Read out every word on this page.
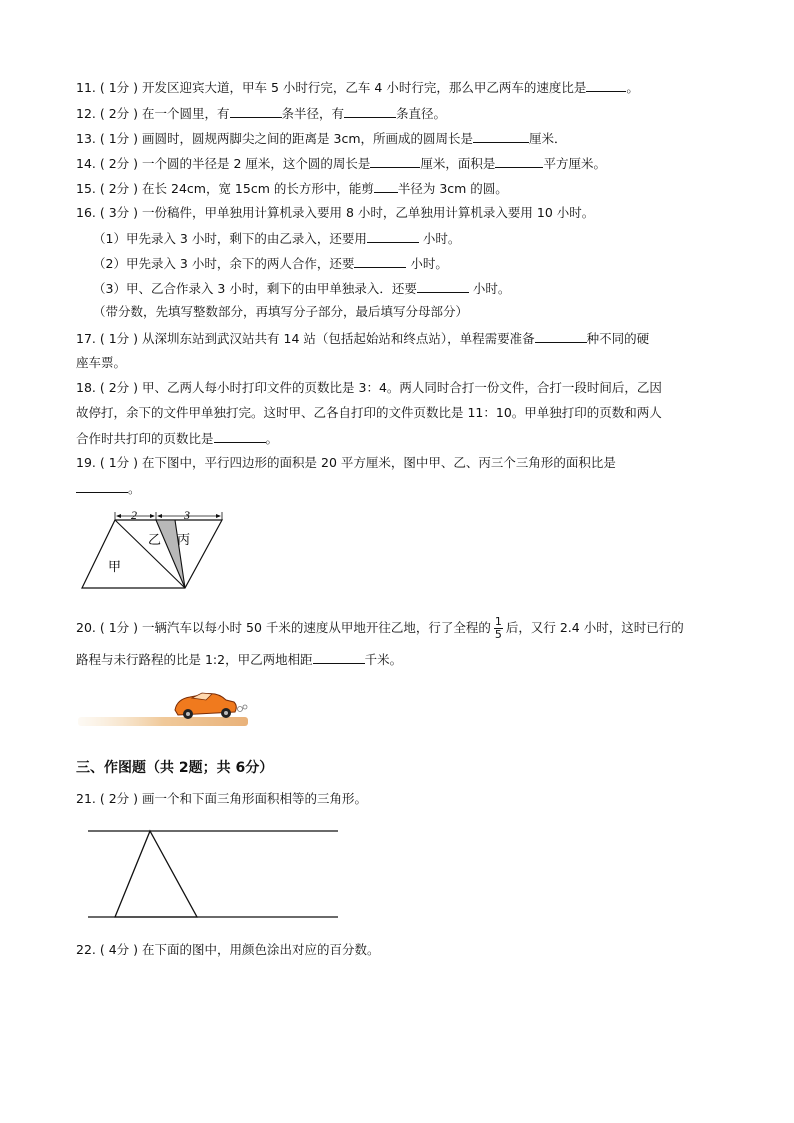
11. ( 1分 ) 开发区迎宾大道，甲车 5 小时行完，乙车 4 小时行完，那么甲乙两车的速度比是	。
12. ( 2分 ) 在一个圆里，有	条半径，有	条直径。
13. ( 1分 ) 画圆时，圆规两脚尖之间的距离是 3cm，所画成的圆周长是	厘米．
14. ( 2分 ) 一个圆的半径是 2 厘米，这个圆的周长是	厘米，面积是	平方厘米。
15. ( 2分 ) 在长 24cm，宽 15cm 的长方形中，能剪 半径为 3cm 的圆。
16. ( 3分 ) 一份稿件，甲单独用计算机录入要用 8 小时，乙单独用计算机录入要用 10 小时。
（1）甲先录入 3 小时，剩下的由乙录入，还要用	小时。
（2）甲先录入 3 小时，余下的两人合作，还要	小时。
（3）甲、乙合作录入 3 小时，剩下的由甲单独录入．还要	小时。
（带分数，先填写整数部分，再填写分子部分，最后填写分母部分）
17. ( 1分 ) 从深圳东站到武汉站共有 14 站（包括起始站和终点站），单程需要准备	种不同的硬
座车票。
18. ( 2分 ) 甲、乙两人每小时打印文件的页数比是 3：4。两人同时合打一份文件，合打一段时间后，乙因
故停打，余下的文件甲单独打完。这时甲、乙各自打印的文件页数比是 11：10。甲单独打印的页数和两人
合作时共打印的页数比是	。
19. ( 1分 ) 在下图中，平行四边形的面积是 20 平方厘米，图中甲、乙、丙三个三角形的面积比是
。
2	3
甲
乙 丙
20. ( 1分 ) 一辆汽车以每小时 50 千米的速度从甲地开往乙地，行了全程的 $\frac{1}{5}$ 后，又行 2.4 小时，这时已行的
路程与未行路程的比是 1:2，甲乙两地相距	千米。
三、作图题（共 2题；共 6分）
21. ( 2分 ) 画一个和下面三角形面积相等的三角形。
22. ( 4分 ) 在下面的图中，用颜色涂出对应的百分数。
